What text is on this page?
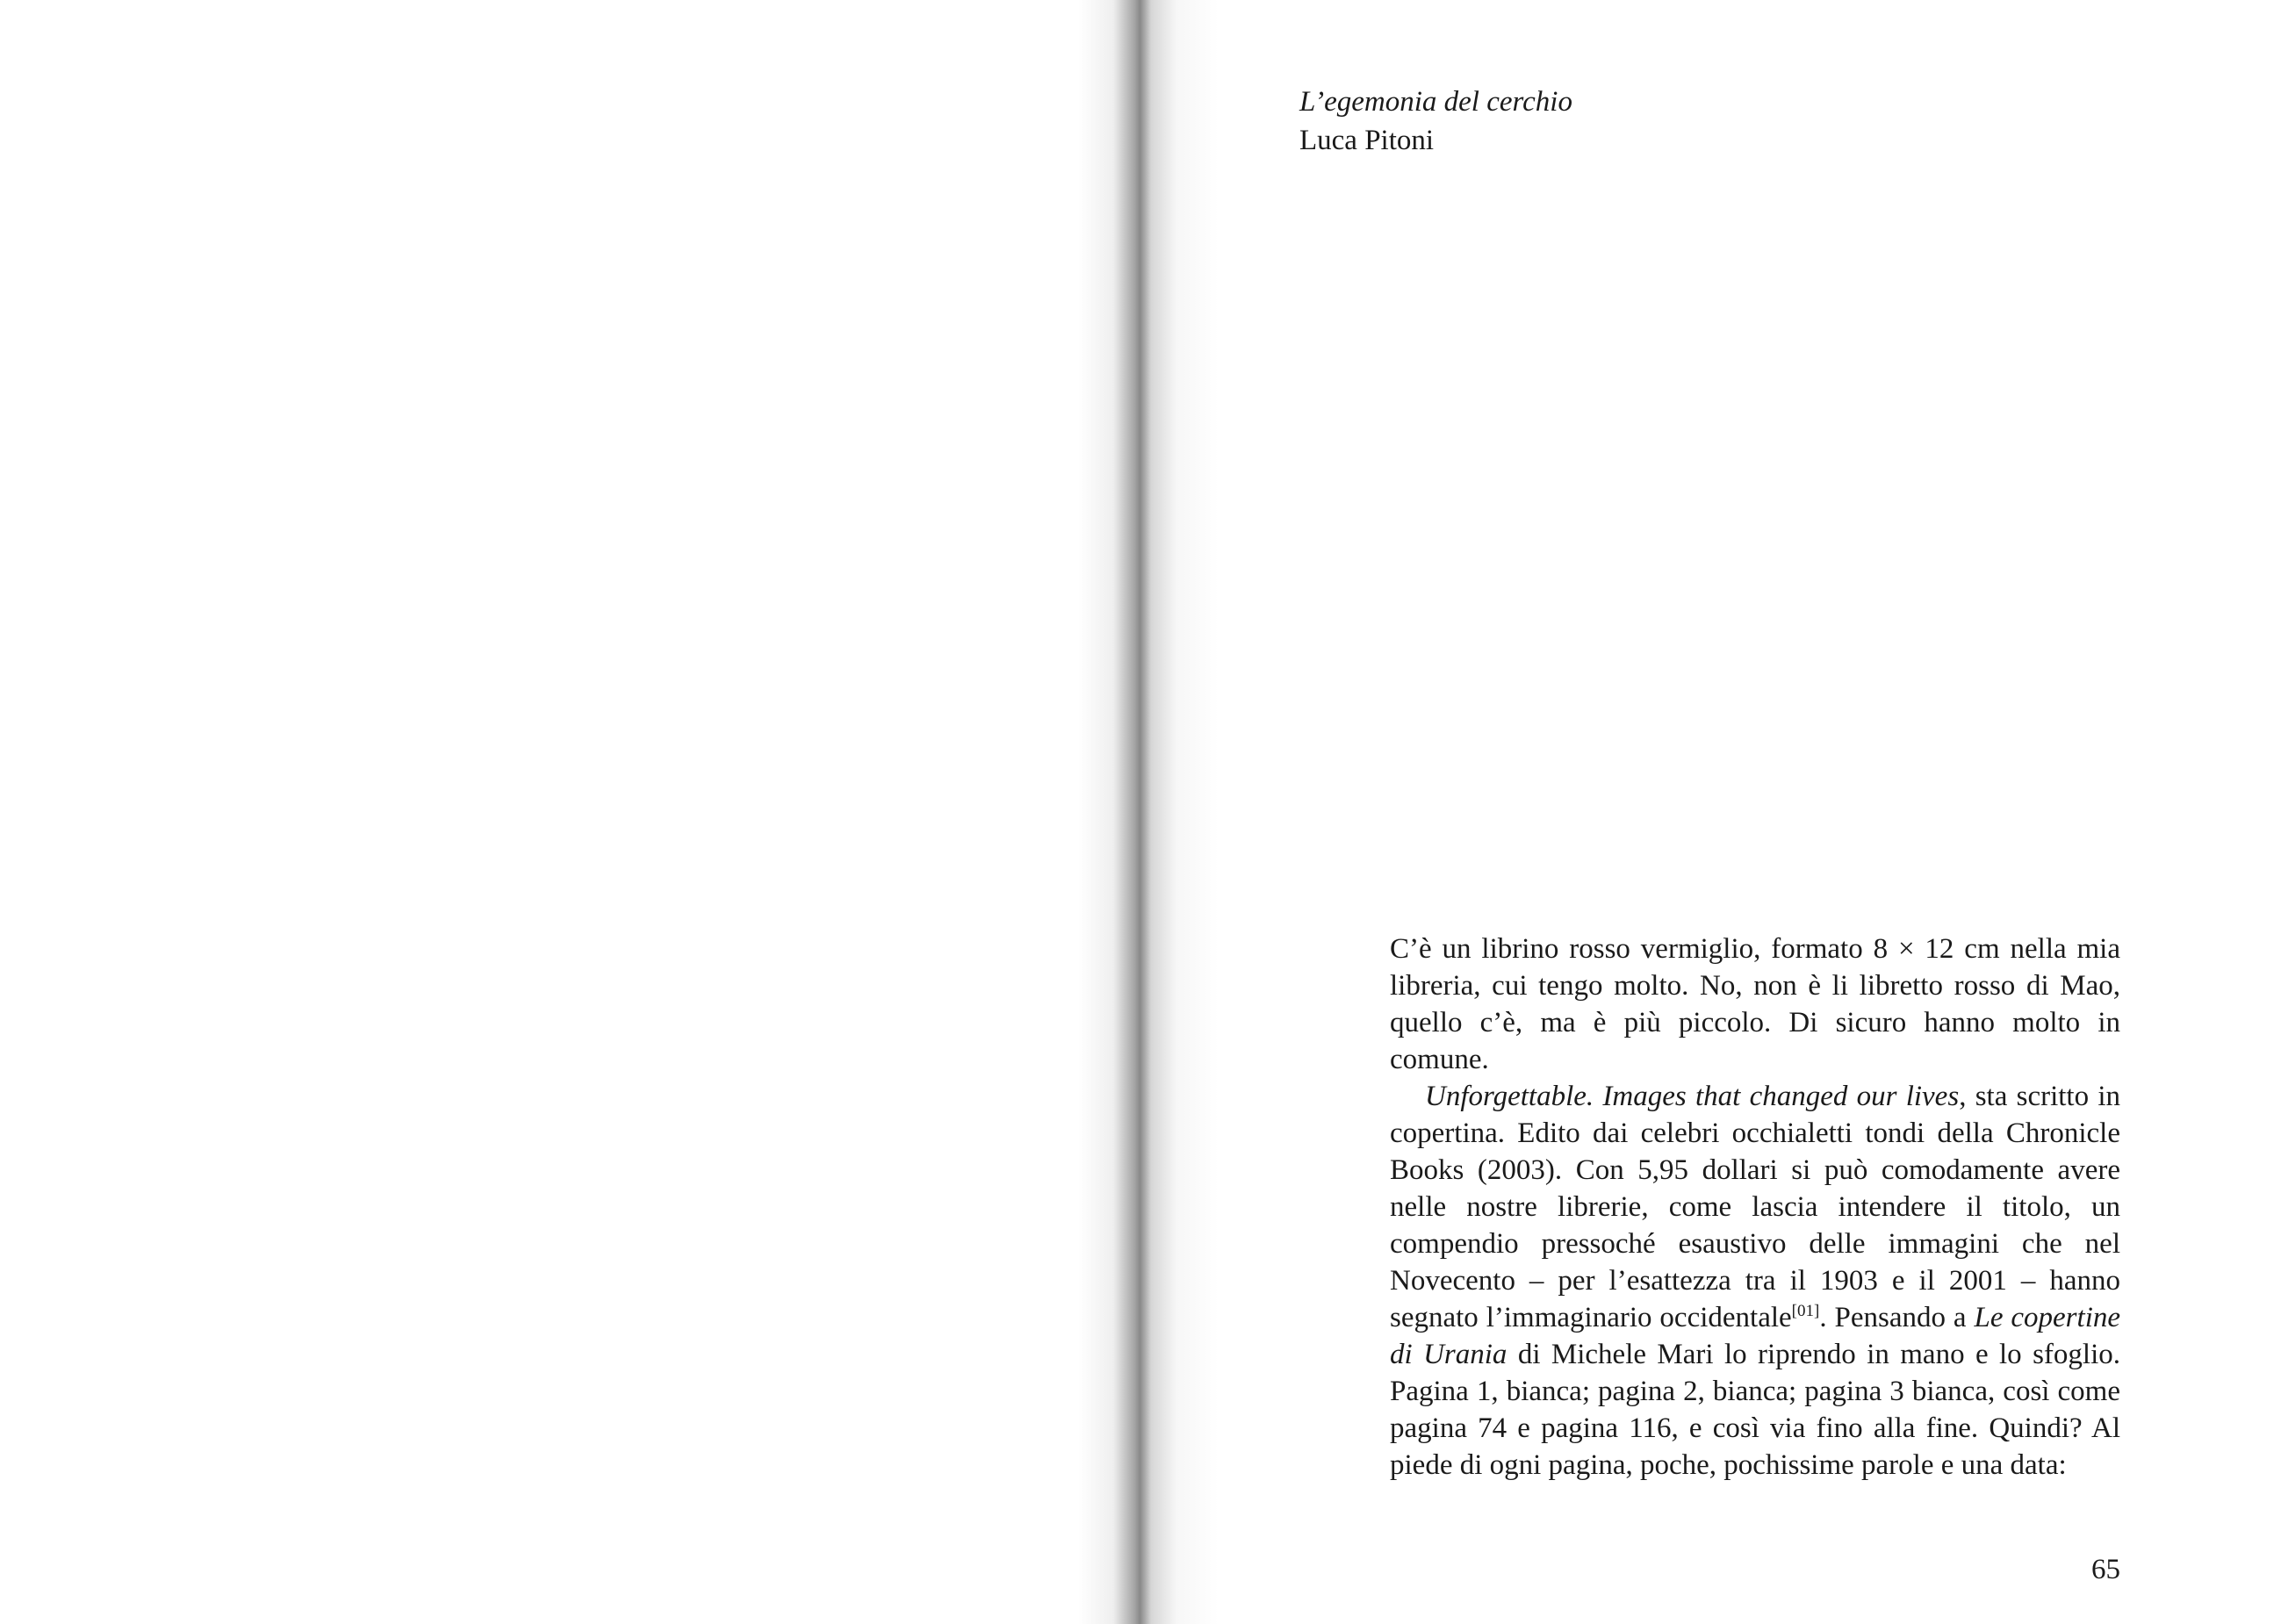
L’egemonia del cerchio
Luca Pitoni

C’è un librino rosso vermiglio, formato 8 × 12 cm nella mia libreria, cui tengo molto. No, non è li libretto rosso di Mao, quello c’è, ma è più piccolo. Di sicuro hanno molto in comune.

Unforgettable. Images that changed our lives, sta scritto in copertina. Edito dai celebri occhialetti tondi della Chronicle Books (2003). Con 5,95 dollari si può comodamente avere nelle nostre librerie, come lascia intendere il titolo, un compendio pressoché esaustivo delle immagini che nel Novecento – per l’esattezza tra il 1903 e il 2001 – hanno segnato l’immaginario occidentale[01]. Pensando a Le copertine di Urania di Michele Mari lo riprendo in mano e lo sfoglio. Pagina 1, bianca; pagina 2, bianca; pagina 3 bianca, così come pagina 74 e pagina 116, e così via fino alla fine. Quindi? Al piede di ogni pagina, poche, pochissime parole e una data:

65
